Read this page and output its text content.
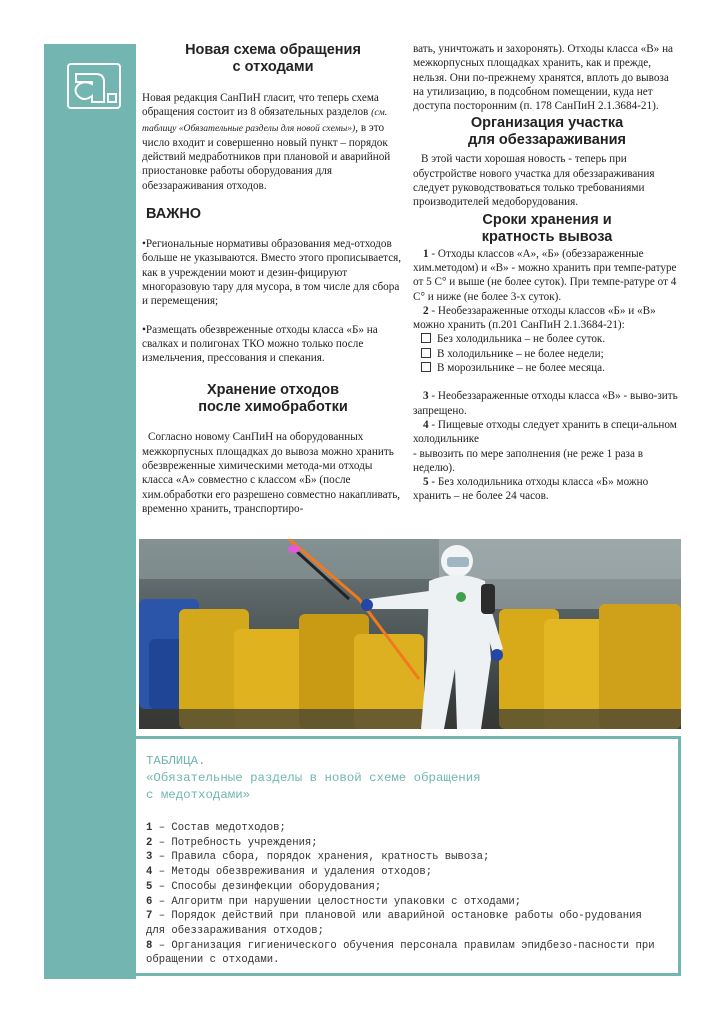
Новая схема обращения
с отходами

Новая редакция СанПиН гласит, что теперь схема обращения состоит из 8 обязательных разделов (см. таблицу «Обязательные разделы для новой схемы»), в это число входит и совершенно новый пункт – порядок действий медработников при плановой и аварийной приостановке работы оборудования для обеззараживания отходов.

ВАЖНО

•Региональные нормативы образования мед-отходов больше не указываются. Вместо этого прописывается, как в учреждении моют и дезин-фицируют многоразовую тару для мусора, в том числе для сбора и перемещения;

•Размещать обезвреженные отходы класса «Б» на свалках и полигонах ТКО можно только после измельчения, прессования и спекания.

Хранение отходов
после химобработки

Согласно новому СанПиН на оборудованных межкорпусных площадках до вывоза можно хранить обезвреженные химическими метода-ми отходы класса «А» совместно с классом «Б» (после хим.обработки его разрешено совместно накапливать, временно хранить, транспортиро-

вать, уничтожать и захоронять). Отходы класса «В» на межкорпусных площадках хранить, как и прежде, нельзя. Они по-прежнему хранятся, вплоть до вывоза на утилизацию, в подсобном помещении, куда нет доступа посторонним (п. 178 СанПиН 2.1.3684-21).

Организация участка
для обеззараживания

В этой части хорошая новость - теперь при обустройстве нового участка для обеззараживания следует руководствоваться только требованиями производителей медоборудования.

Сроки хранения и
кратность вывоза

1 - Отходы классов «А», «Б» (обеззараженные хим.методом) и «В» - можно хранить при темпе-ратуре от 5 С° и выше (не более суток). При темпе-ратуре от 4 С° и ниже (не более 3-х суток).

2 - Необеззараженные отходы классов «Б» и «В» можно хранить (п.201 СанПиН 2.1.3684-21):

Без холодильника – не более суток.

В холодильнике – не более недели;

В морозильнике – не более месяца.

3 - Необеззараженные отходы класса «В» - выво-зить запрещено.

4 - Пищевые отходы следует хранить в специ-альном холодильнике

- вывозить по мере заполнения (не реже 1 раза в неделю).

5 - Без холодильника отходы класса «Б» можно хранить – не более 24 часов.

ТАБЛИЦА.
«Обязательные разделы в новой схеме обращения
с медотходами»
1 – Состав медотходов;
2 – Потребность учреждения;
3 – Правила сбора, порядок хранения, кратность вывоза;
4 – Методы обезвреживания и удаления отходов;
5 – Способы дезинфекции оборудования;
6 – Алгоритм при нарушении целостности упаковки с отходами;
7 – Порядок действий при плановой или аварийной остановке работы обо-рудования для обеззараживания отходов;
8 – Организация гигиенического обучения персонала правилам эпидбезо-пасности при обращении с отходами.
